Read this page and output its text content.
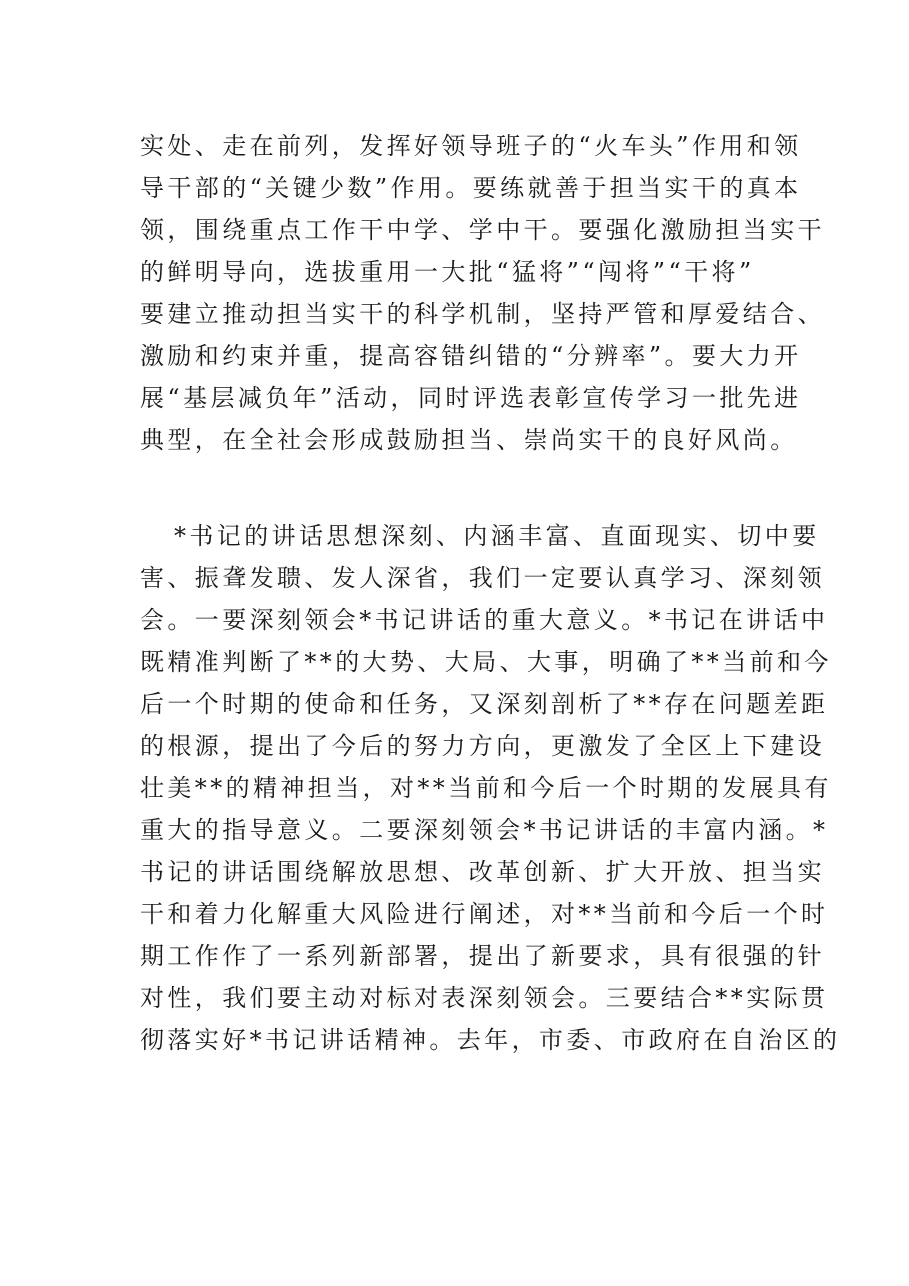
实处、走在前列，发挥好领导班子的“火车头”作用和领
导干部的“关键少数”作用。要练就善于担当实干的真本
领，围绕重点工作干中学、学中干。要强化激励担当实干
的鲜明导向，选拔重用一大批“猛将”“闯将”“干将”
要建立推动担当实干的科学机制，坚持严管和厚爱结合、
激励和约束并重，提高容错纠错的“分辨率”。要大力开
展“基层减负年”活动，同时评选表彰宣传学习一批先进
典型，在全社会形成鼓励担当、崇尚实干的良好风尚。
*书记的讲话思想深刻、内涵丰富、直面现实、切中要
害、振聋发聩、发人深省，我们一定要认真学习、深刻领
会。一要深刻领会*书记讲话的重大意义。*书记在讲话中
既精准判断了**的大势、大局、大事，明确了**当前和今
后一个时期的使命和任务，又深刻剖析了**存在问题差距
的根源，提出了今后的努力方向，更激发了全区上下建设
壮美**的精神担当，对**当前和今后一个时期的发展具有
重大的指导意义。二要深刻领会*书记讲话的丰富内涵。*
书记的讲话围绕解放思想、改革创新、扩大开放、担当实
干和着力化解重大风险进行阐述，对**当前和今后一个时
期工作作了一系列新部署，提出了新要求，具有很强的针
对性，我们要主动对标对表深刻领会。三要结合**实际贯
彻落实好*书记讲话精神。去年，市委、市政府在自治区的
